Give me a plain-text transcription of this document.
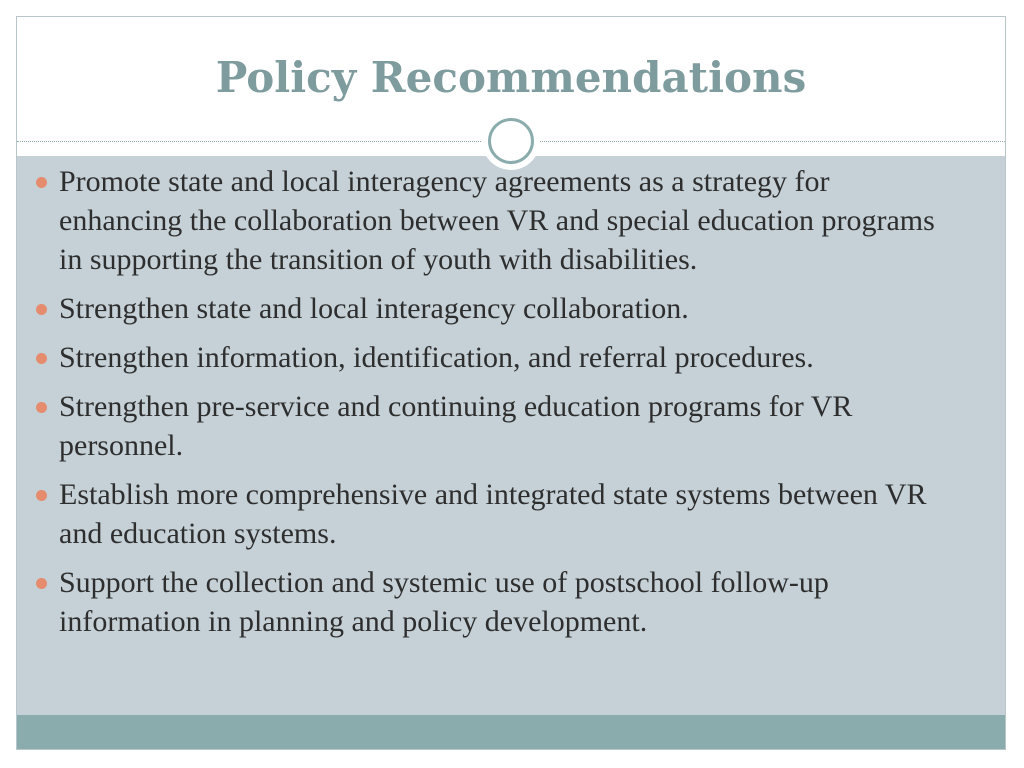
Policy Recommendations
Promote state and local interagency agreements as a strategy for enhancing the collaboration between VR and special education programs in supporting the transition of youth with disabilities.
Strengthen state and local interagency collaboration.
Strengthen information, identification, and referral procedures.
Strengthen pre-service and continuing education programs for VR personnel.
Establish more comprehensive and integrated state systems between VR and education systems.
Support the collection and systemic use of postschool follow-up information in planning and policy development.
